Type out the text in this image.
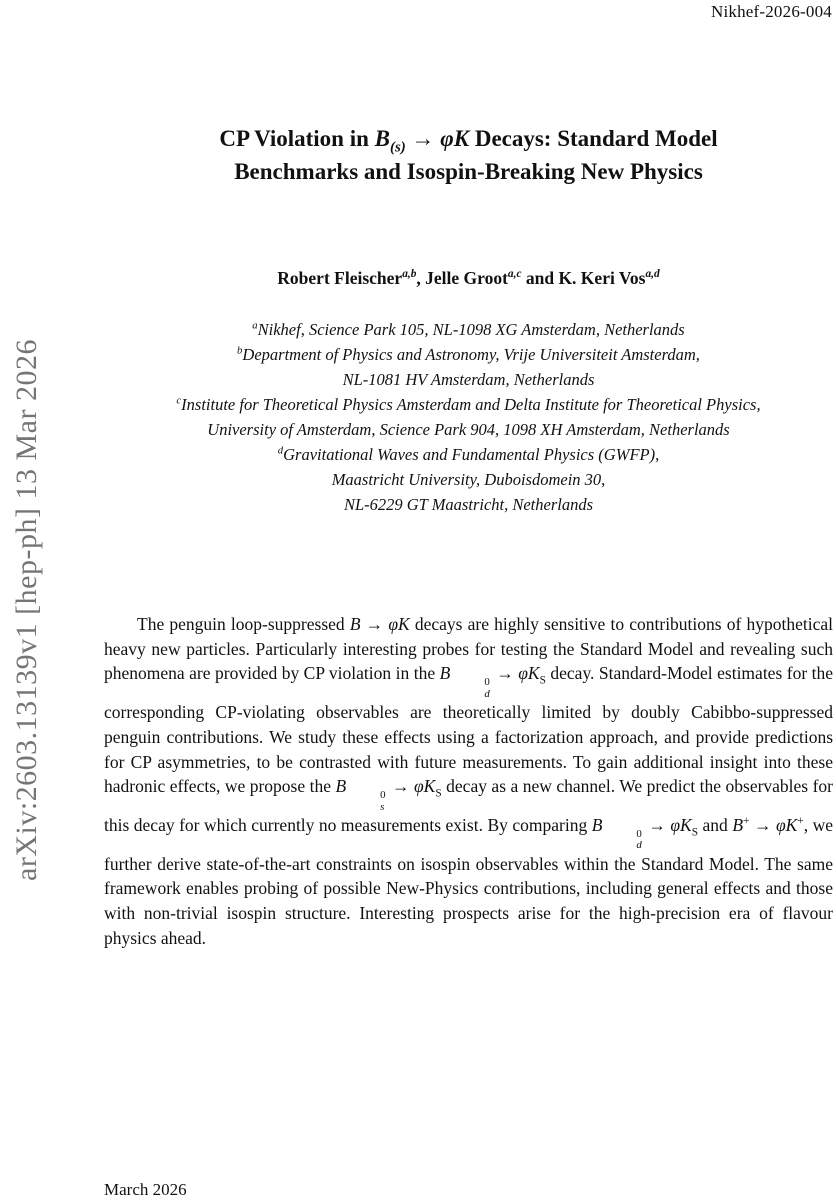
Nikhef-2026-004
arXiv:2603.13139v1 [hep-ph] 13 Mar 2026
CP Violation in $B_{(s)} \to \varphi K$ Decays: Standard Model
Benchmarks and Isospin-Breaking New Physics
Robert Fleischer$^{a,b}$, Jelle Groot$^{a,c}$ and K. Keri Vos$^{a,d}$
$^a$Nikhef, Science Park 105, NL-1098 XG Amsterdam, Netherlands
$^b$Department of Physics and Astronomy, Vrije Universiteit Amsterdam,
NL-1081 HV Amsterdam, Netherlands
$^c$Institute for Theoretical Physics Amsterdam and Delta Institute for Theoretical Physics,
University of Amsterdam, Science Park 904, 1098 XH Amsterdam, Netherlands
$^d$Gravitational Waves and Fundamental Physics (GWFP),
Maastricht University, Duboisdomein 30,
NL-6229 GT Maastricht, Netherlands

The penguin loop-suppressed B → φK decays are highly sensitive to contributions of hypothetical heavy new particles. Particularly interesting probes for testing the Standard Model and revealing such phenomena are provided by CP violation in the B	0
d
→ $\varphi K_S$ decay. Standard-Model estimates for the corresponding CP-violating observables are theoretically limited by doubly Cabibbo-suppressed penguin contributions. We study these effects using a factorization approach, and provide predictions for CP asymmetries, to be contrasted with future measurements. To gain additional insight into these hadronic effects, we propose the B	0
s
→ $\varphi K_S$ decay as a new channel. We predict the observables for this decay for which currently no measurements exist. By comparing B	0
d
→ $\varphi K_S$ and B+ → φK+, we further derive state-of-the-art constraints on isospin observables within the Standard Model. The same framework enables probing of possible New-Physics contributions, including general effects and those with non-trivial isospin structure. Interesting prospects arise for the high-precision era of flavour physics ahead.

March 2026
